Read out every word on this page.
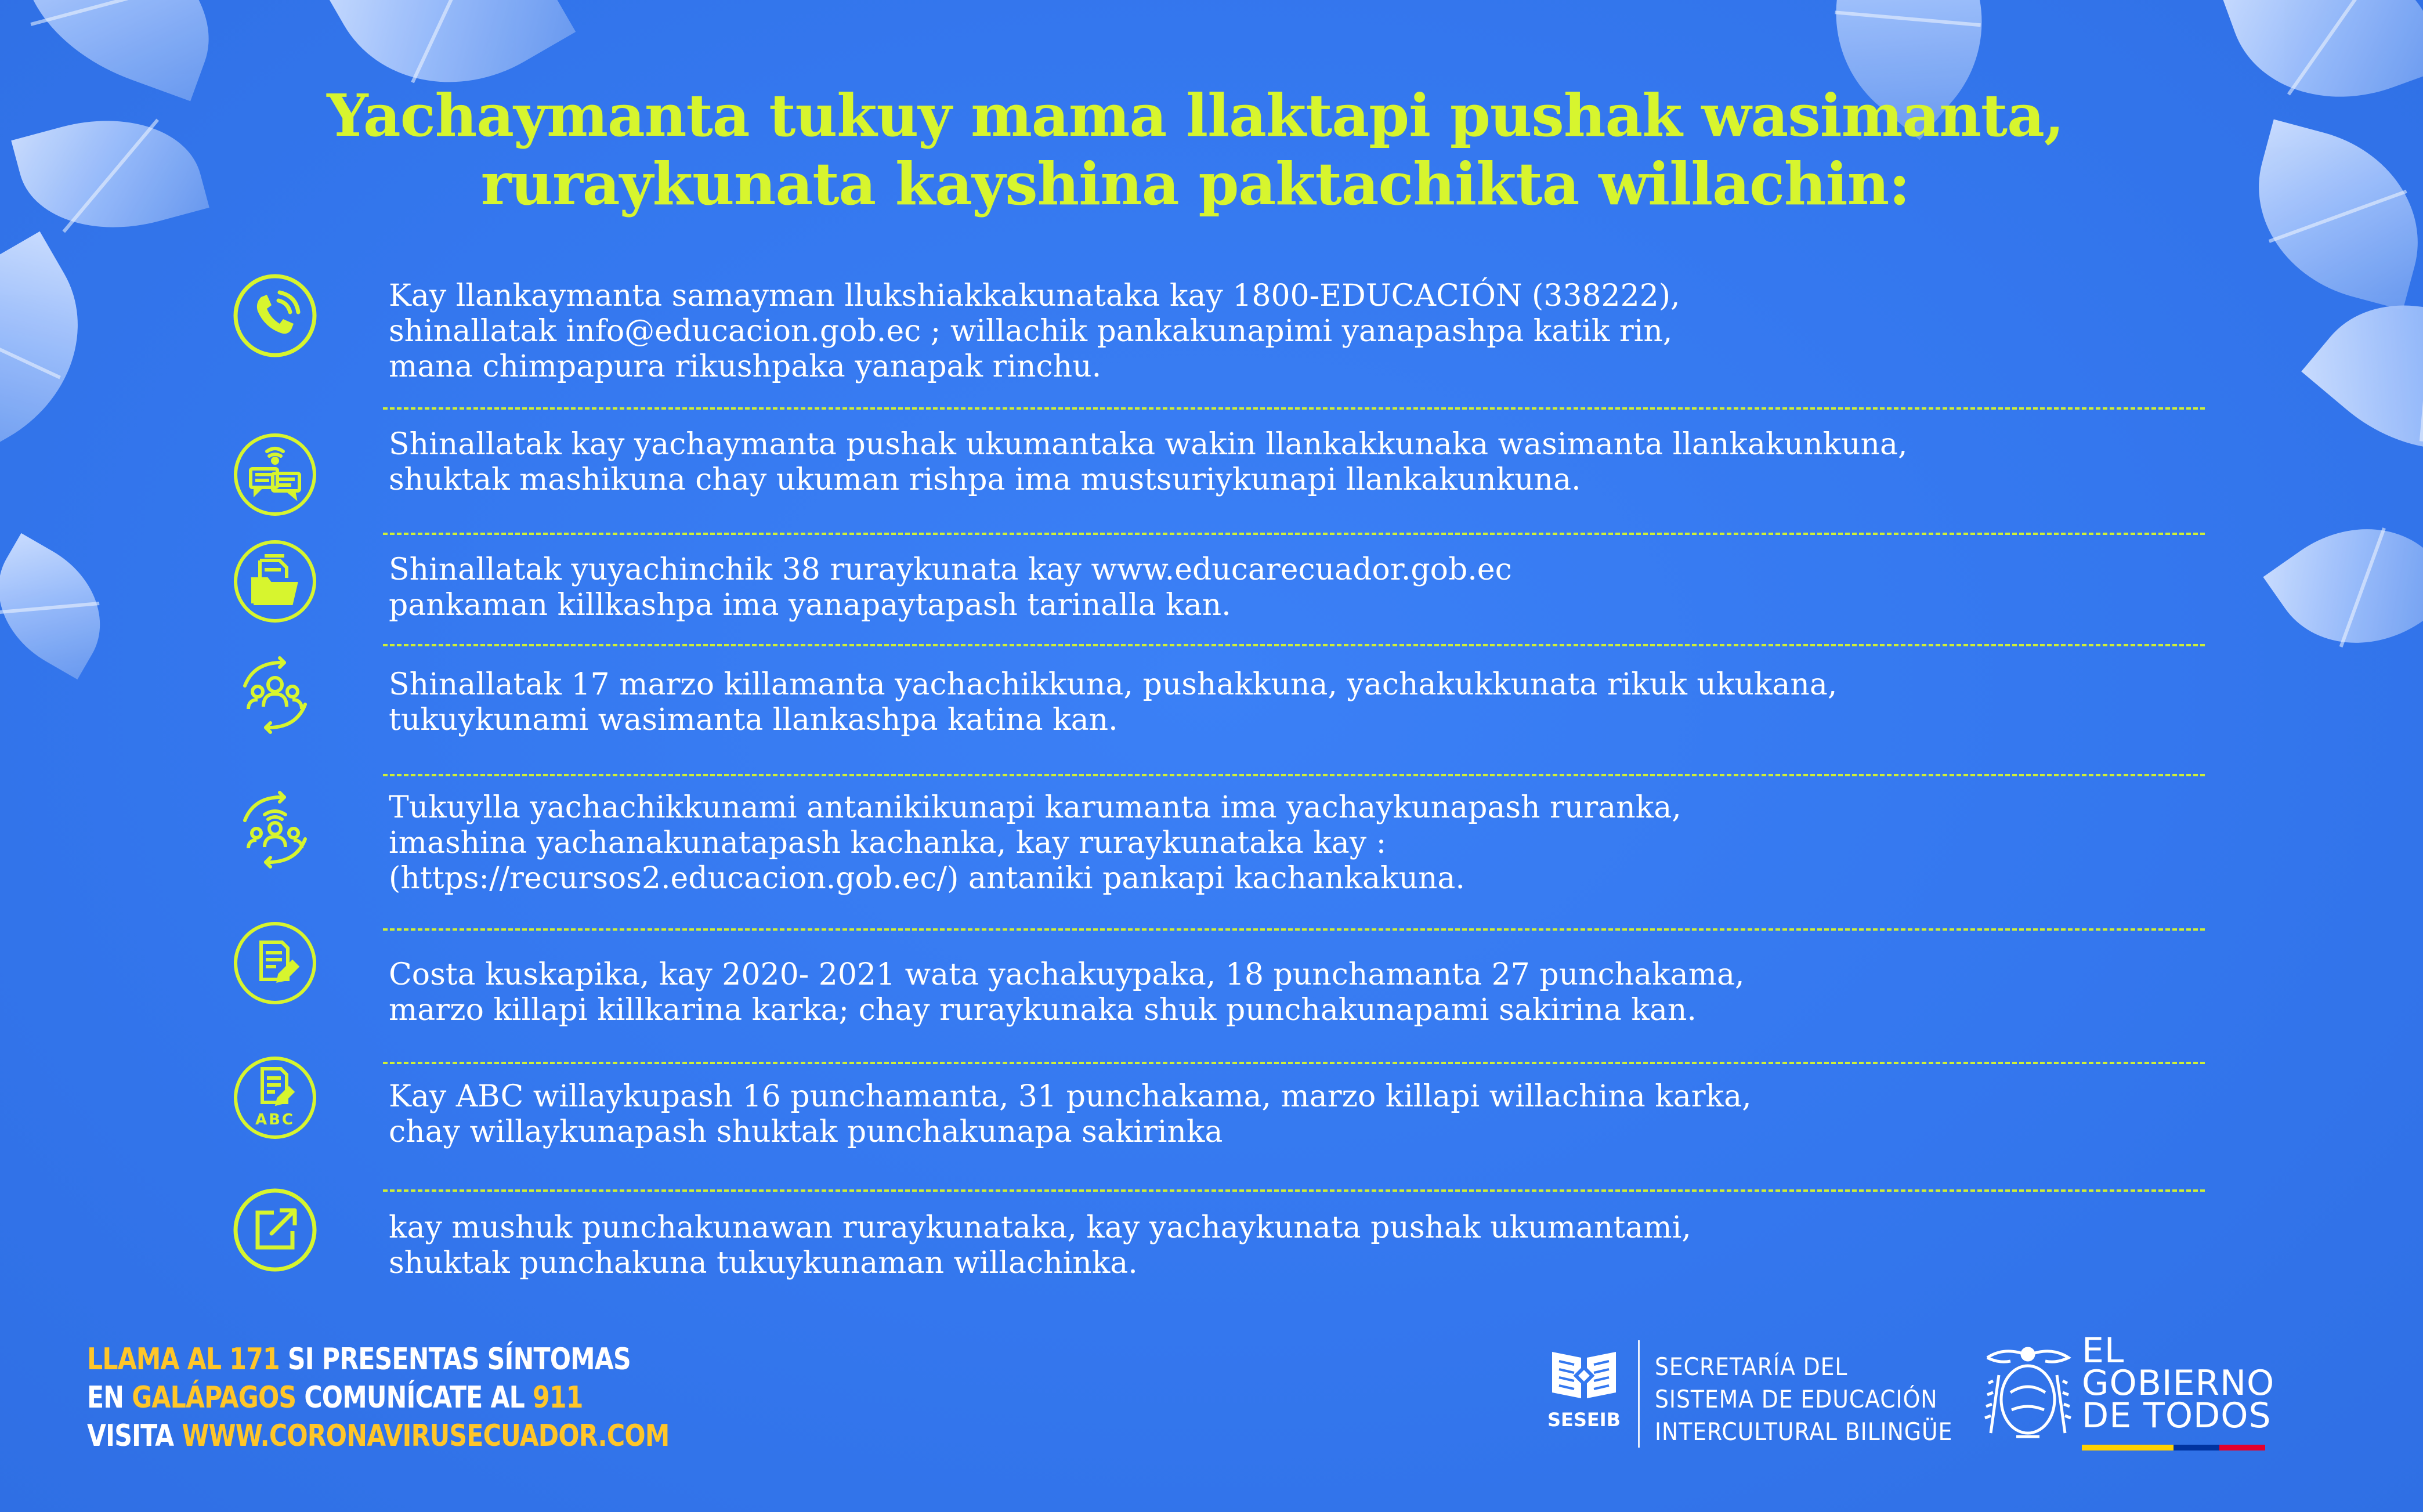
Yachaymanta tukuy mama llaktapi pushak wasimanta,
ruraykunata kayshina paktachikta willachin:
Kay llankaymanta samayman llukshiakkakunataka kay 1800-EDUCACIÓN (338222),
shinallatak info@educacion.gob.ec ; willachik pankakunapimi yanapashpa katik rin,
mana chimpapura rikushpaka yanapak rinchu.
Shinallatak kay yachaymanta pushak ukumantaka wakin llankakkunaka wasimanta llankakunkuna,
shuktak mashikuna chay ukuman rishpa ima mustsuriykunapi llankakunkuna.
Shinallatak yuyachinchik 38 ruraykunata kay www.educarecuador.gob.ec
pankaman killkashpa ima yanapaytapash tarinalla kan.
Shinallatak 17 marzo killamanta yachachikkuna, pushakkuna, yachakukkunata rikuk ukukana,
tukuykunami wasimanta llankashpa katina kan.
Tukuylla yachachikkunami antanikikunapi karumanta ima yachaykunapash ruranka,
imashina yachanakunatapash kachanka, kay ruraykunataka kay :
(https://recursos2.educacion.gob.ec/) antaniki pankapi kachankakuna.
Costa kuskapika, kay 2020- 2021 wata yachakuypaka, 18 punchamanta 27 punchakama,
marzo killapi killkarina karka; chay ruraykunaka shuk punchakunapami sakirina kan.
ABC
Kay ABC willaykupash 16 punchamanta, 31 punchakama, marzo killapi willachina karka,
chay willaykunapash shuktak punchakunapa sakirinka
kay mushuk punchakunawan ruraykunataka, kay yachaykunata pushak ukumantami,
shuktak punchakuna tukuykunaman willachinka.
LLAMA AL 171 SI PRESENTAS SÍNTOMAS
EN GALÁPAGOS COMUNÍCATE AL 911
VISITA WWW.CORONAVIRUSECUADOR.COM	SESEIB
SECRETARÍA DEL
SISTEMA DE EDUCACIÓN
INTERCULTURAL BILINGÜE
EL
GOBIERNO
DE TODOS
